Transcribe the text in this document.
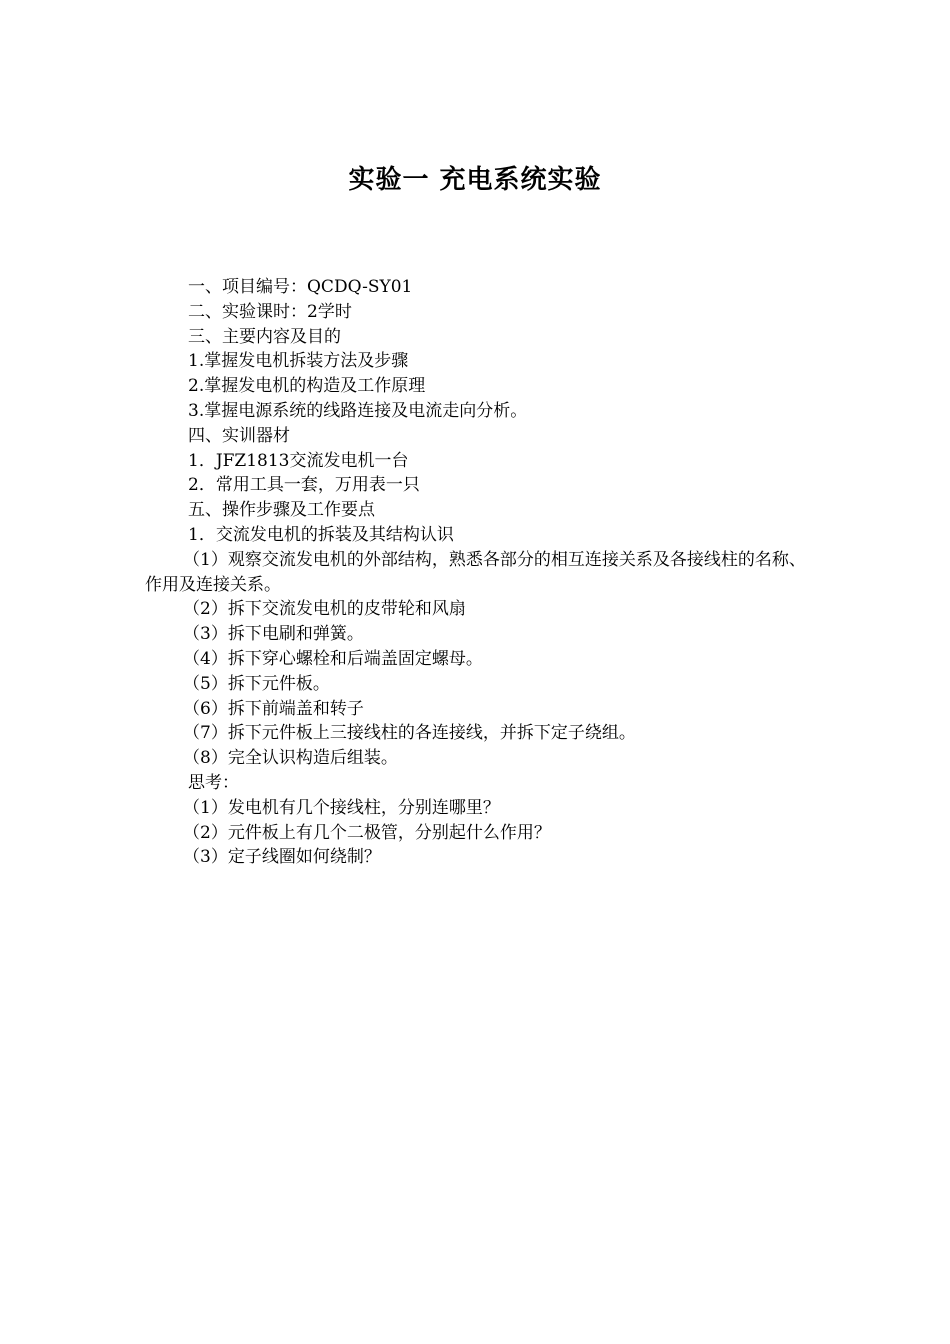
实验一 充电系统实验
一、项目编号：QCDQ-SY01
二、实验课时：2学时
三、主要内容及目的
1.掌握发电机拆装方法及步骤
2.掌握发电机的构造及工作原理
3.掌握电源系统的线路连接及电流走向分析。
四、实训器材
1．JFZ1813交流发电机一台
2．常用工具一套，万用表一只
五、操作步骤及工作要点
1．交流发电机的拆装及其结构认识
（1）观察交流发电机的外部结构，熟悉各部分的相互连接关系及各接线柱的名称、作用及连接关系。
（2）拆下交流发电机的皮带轮和风扇
（3）拆下电刷和弹簧。
（4）拆下穿心螺栓和后端盖固定螺母。
（5）拆下元件板。
（6）拆下前端盖和转子
（7）拆下元件板上三接线柱的各连接线，并拆下定子绕组。
（8）完全认识构造后组装。
思考：
（1）发电机有几个接线柱，分别连哪里？
（2）元件板上有几个二极管，分别起什么作用？
（3）定子线圈如何绕制？
